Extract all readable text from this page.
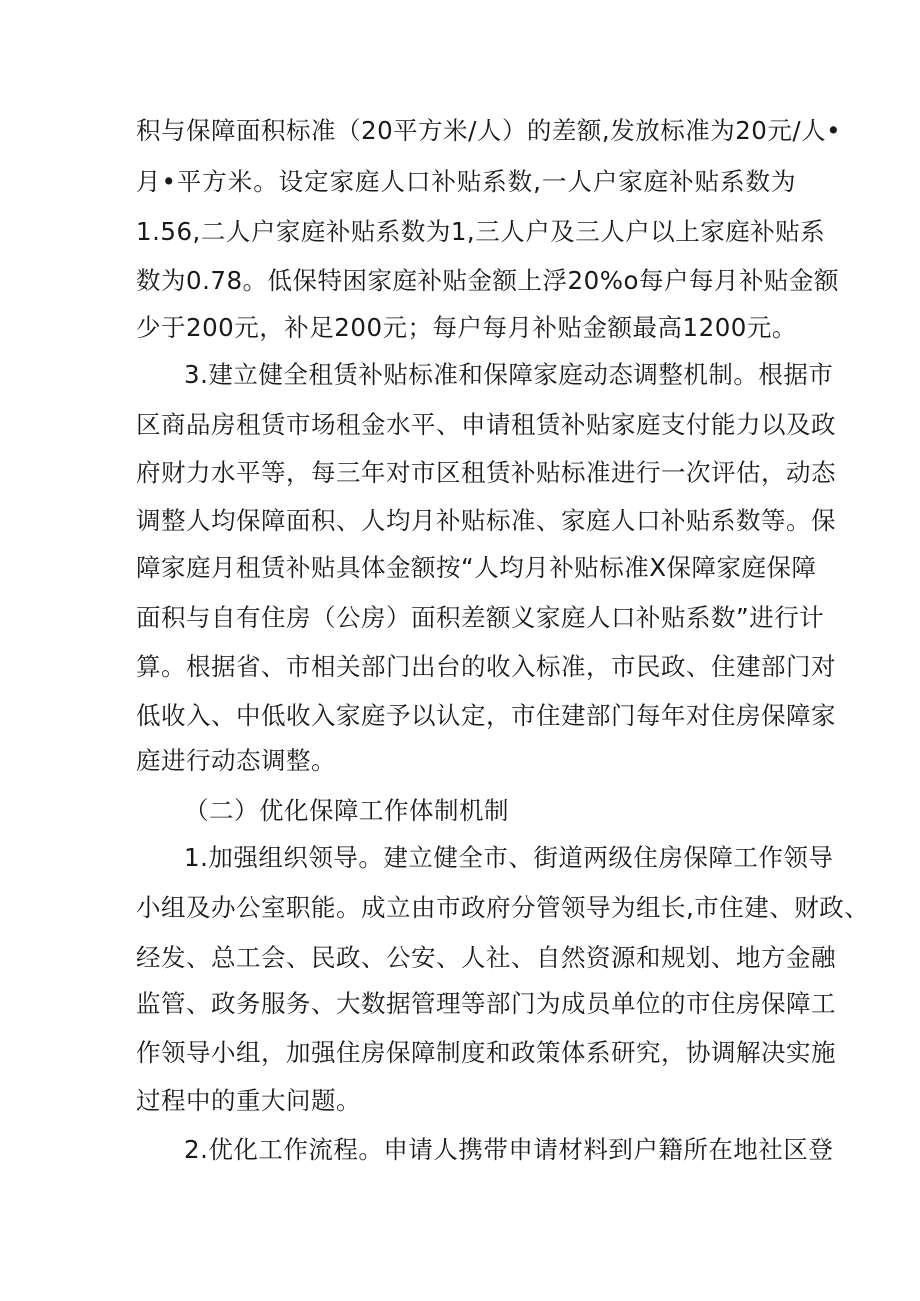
积与保障面积标准（20平方米/人）的差额,发放标准为20元/人•
月•平方米。设定家庭人口补贴系数,一人户家庭补贴系数为
1.56,二人户家庭补贴系数为1,三人户及三人户以上家庭补贴系
数为0.78。低保特困家庭补贴金额上浮20%o每户每月补贴金额
少于200元，补足200元；每户每月补贴金额最高1200元。
3.建立健全租赁补贴标准和保障家庭动态调整机制。根据市
区商品房租赁市场租金水平、申请租赁补贴家庭支付能力以及政
府财力水平等，每三年对市区租赁补贴标准进行一次评估，动态
调整人均保障面积、人均月补贴标准、家庭人口补贴系数等。保
障家庭月租赁补贴具体金额按“人均月补贴标准X保障家庭保障
面积与自有住房（公房）面积差额义家庭人口补贴系数”进行计
算。根据省、市相关部门出台的收入标准，市民政、住建部门对
低收入、中低收入家庭予以认定，市住建部门每年对住房保障家
庭进行动态调整。
（二）优化保障工作体制机制
1.加强组织领导。建立健全市、街道两级住房保障工作领导
小组及办公室职能。成立由市政府分管领导为组长,市住建、财政、
经发、总工会、民政、公安、人社、自然资源和规划、地方金融
监管、政务服务、大数据管理等部门为成员单位的市住房保障工
作领导小组，加强住房保障制度和政策体系研究，协调解决实施
过程中的重大问题。
2.优化工作流程。申请人携带申请材料到户籍所在地社区登
